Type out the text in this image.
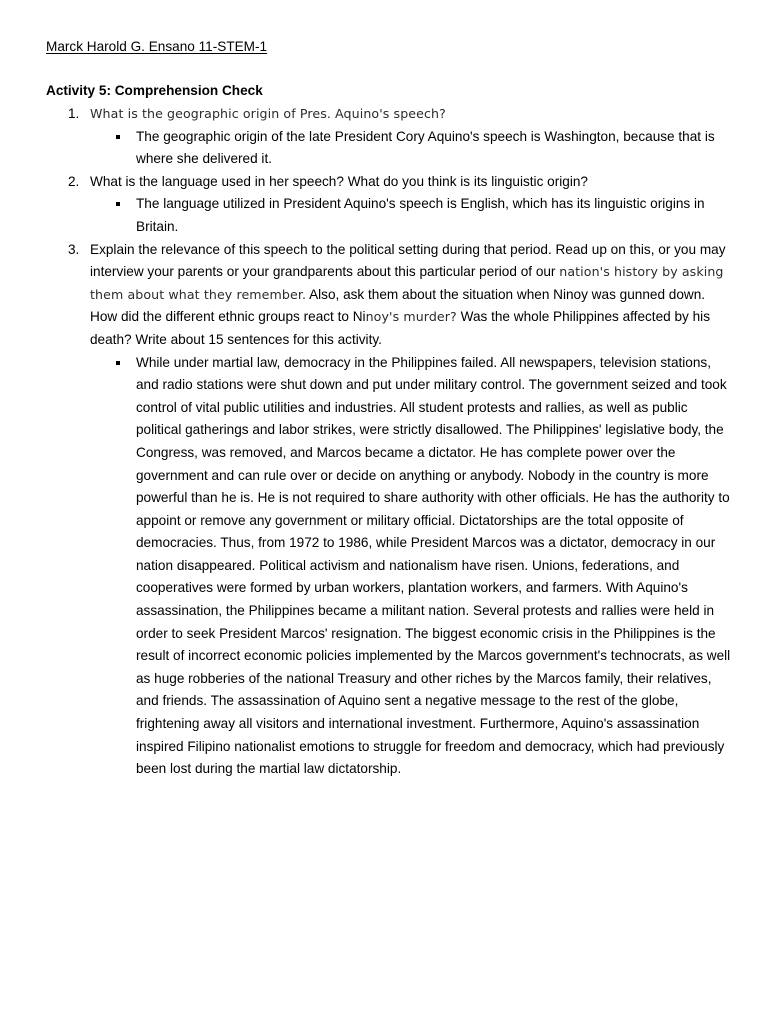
Marck Harold G. Ensano 11-STEM-1
Activity 5: Comprehension Check
1. What is the geographic origin of Pres. Aquino's speech?
The geographic origin of the late President Cory Aquino's speech is Washington, because that is where she delivered it.
2. What is the language used in her speech? What do you think is its linguistic origin?
The language utilized in President Aquino's speech is English, which has its linguistic origins in Britain.
3. Explain the relevance of this speech to the political setting during that period. Read up on this, or you may interview your parents or your grandparents about this particular period of our nation's history by asking them about what they remember. Also, ask them about the situation when Ninoy was gunned down. How did the different ethnic groups react to Ninoy's murder? Was the whole Philippines affected by his death? Write about 15 sentences for this activity.
While under martial law, democracy in the Philippines failed. All newspapers, television stations, and radio stations were shut down and put under military control. The government seized and took control of vital public utilities and industries. All student protests and rallies, as well as public political gatherings and labor strikes, were strictly disallowed. The Philippines' legislative body, the Congress, was removed, and Marcos became a dictator. He has complete power over the government and can rule over or decide on anything or anybody. Nobody in the country is more powerful than he is. He is not required to share authority with other officials. He has the authority to appoint or remove any government or military official. Dictatorships are the total opposite of democracies. Thus, from 1972 to 1986, while President Marcos was a dictator, democracy in our nation disappeared. Political activism and nationalism have risen. Unions, federations, and cooperatives were formed by urban workers, plantation workers, and farmers. With Aquino's assassination, the Philippines became a militant nation. Several protests and rallies were held in order to seek President Marcos' resignation. The biggest economic crisis in the Philippines is the result of incorrect economic policies implemented by the Marcos government's technocrats, as well as huge robberies of the national Treasury and other riches by the Marcos family, their relatives, and friends. The assassination of Aquino sent a negative message to the rest of the globe, frightening away all visitors and international investment. Furthermore, Aquino's assassination inspired Filipino nationalist emotions to struggle for freedom and democracy, which had previously been lost during the martial law dictatorship.
